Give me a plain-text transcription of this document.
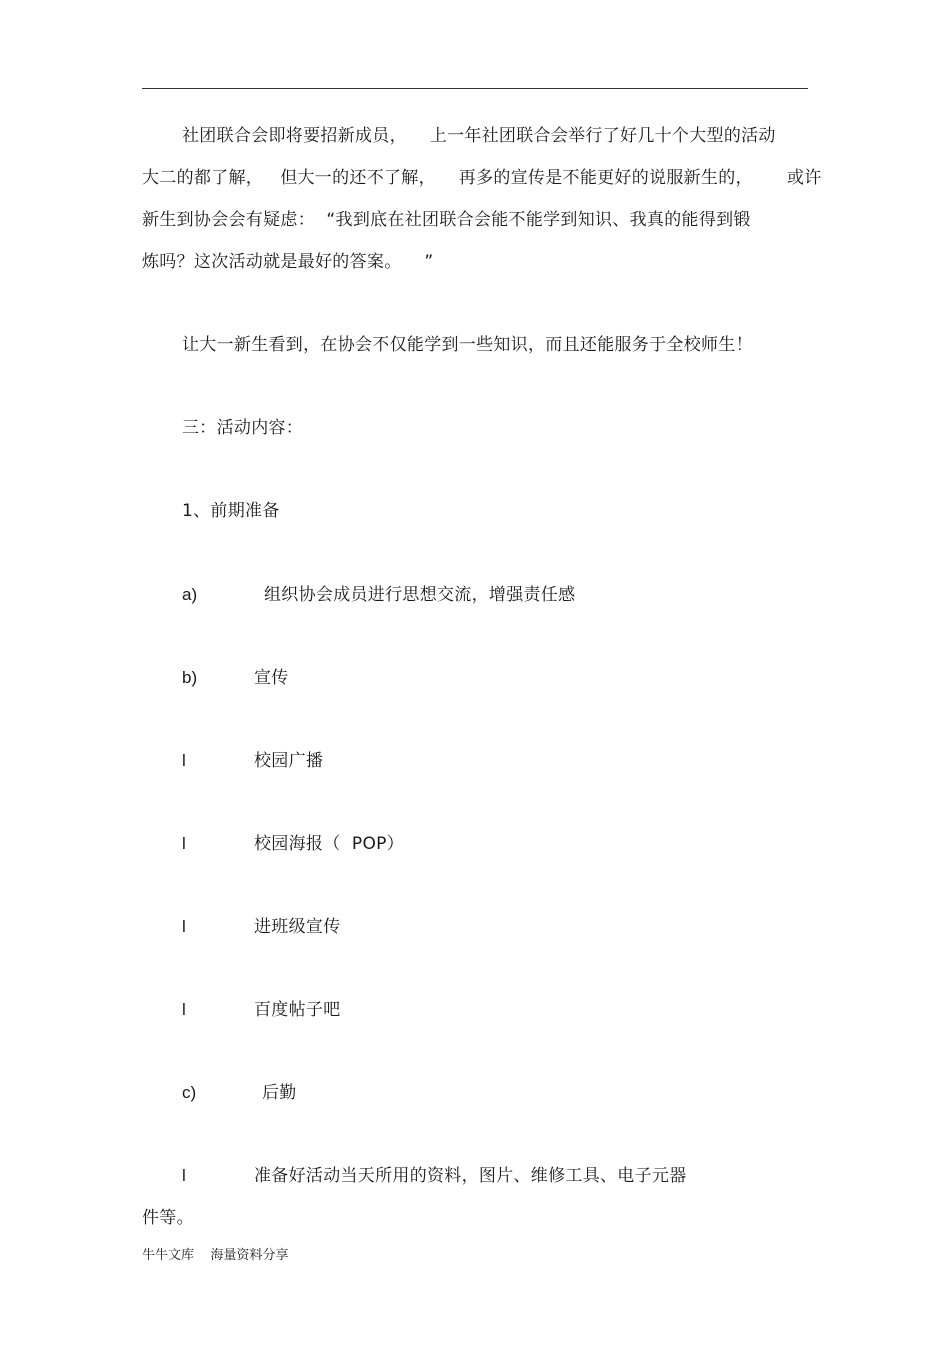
社团联合会即将要招新成员，    上一年社团联合会举行了好几十个大型的活动
大二的都了解，   但大一的还不了解，    再多的宣传是不能更好的说服新生的，      或许
新生到协会会有疑虑：  “我到底在社团联合会能不能学到知识、我真的能得到锻
炼吗？这次活动就是最好的答案。    ”
让大一新生看到，在协会不仅能学到一些知识，而且还能服务于全校师生！
三：活动内容：
1、前期准备
a)	组织协会成员进行思想交流，增强责任感
b)	宣传
l	校园广播
l	校园海报（  POP）
l	进班级宣传
l	百度帖子吧
c)	后勤
l	准备好活动当天所用的资料，图片、维修工具、电子元器
件等。
牛牛文库    海量资料分享
